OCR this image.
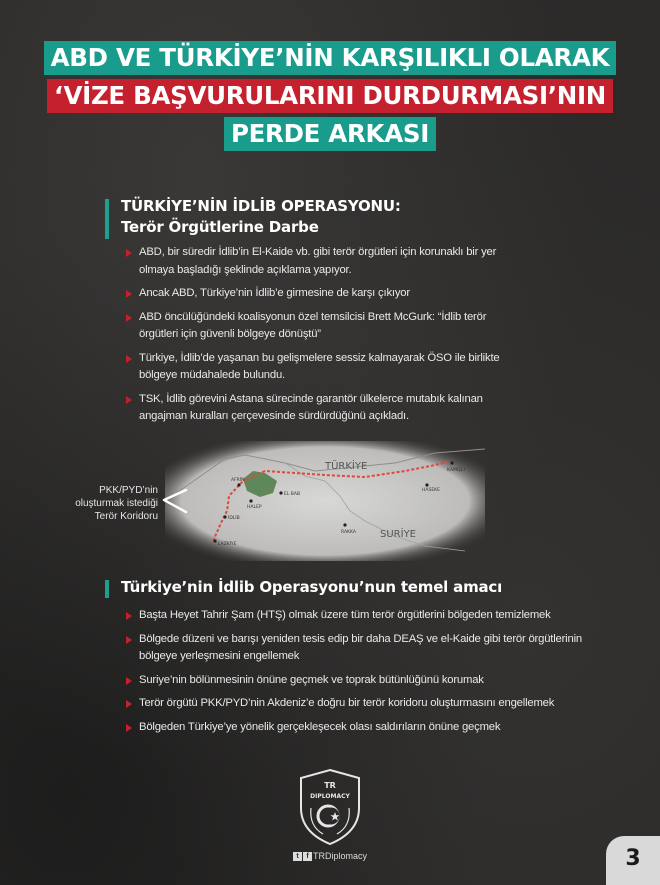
ABD VE TÜRKİYE’NİN KARŞILIKLI OLARAK
‘VİZE BAŞVURULARINI DURDURMASI’NIN
PERDE ARKASI
TÜRKİYE’NİN İDLİB OPERASYONU:
Terör Örgütlerine Darbe
ABD, bir süredir İdlib’in El-Kaide vb. gibi terör örgütleri için korunaklı bir yer
olmaya başladığı şeklinde açıklama yapıyor.
Ancak ABD, Türkiye’nin İdlib’e girmesine de karşı çıkıyor
ABD öncülüğündeki koalisyonun özel temsilcisi Brett McGurk: “İdlib terör
örgütleri için güvenli bölgeye dönüştü”
Türkiye, İdlib’de yaşanan bu gelişmelere sessiz kalmayarak ÖSO ile birlikte
bölgeye müdahalede bulundu.
TSK, İdlib görevini Astana sürecinde garantör ülkelerce mutabık kalınan
angajman kuralları çerçevesinde sürdürdüğünü açıkladı.
TÜRKİYE
SURİYE
AFRİN
EL BAB
HALEP
İDLİB
LAZKİYE
RAKKA
HASEKE
KAMIŞLI
PKK/PYD’nin
oluşturmak istediği
Terör Koridoru
Türkiye’nin İdlib Operasyonu’nun temel amacı
Başta Heyet Tahrir Şam (HTŞ) olmak üzere tüm terör örgütlerini bölgeden temizlemek
Bölgede düzeni ve barışı yeniden tesis edip bir daha DEAŞ ve el-Kaide gibi terör örgütlerinin
bölgeye yerleşmesini engellemek
Suriye’nin bölünmesinin önüne geçmek ve toprak bütünlüğünü korumak
Terör örgütü PKK/PYD’nin Akdeniz’e doğru bir terör koridoru oluşturmasını engellemek
Bölgeden Türkiye’ye yönelik gerçekleşecek olası saldırıların önüne geçmek
TR
DIPLOMACY
t f TRDiplomacy	3
